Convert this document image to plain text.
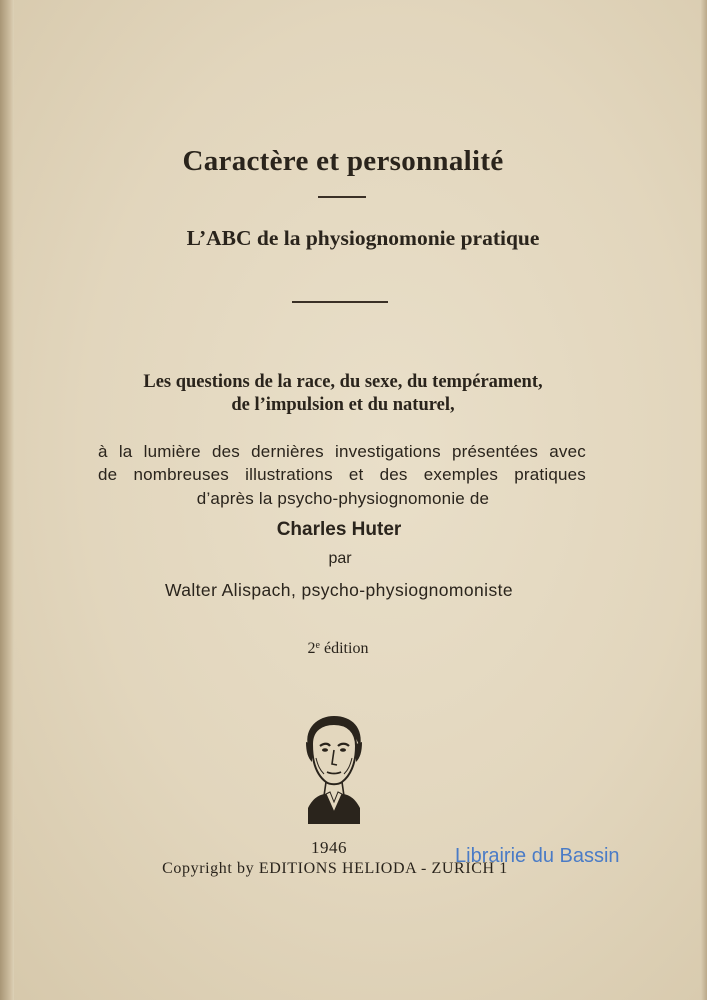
Caractère et personnalité
L’ABC de la physiognomonie pratique
Les questions de la race, du sexe, du tempérament,
de l’impulsion et du naturel,
à la lumière des dernières investigations présentées avec
de nombreuses illustrations et des exemples pratiques
d’après la psycho-physiognomonie de
Charles Huter
par
Walter Alispach, psycho-physiognomoniste
2e édition
1946
Copyright by EDITIONS HELIODA - ZURICH 1
Librairie du Bassin
